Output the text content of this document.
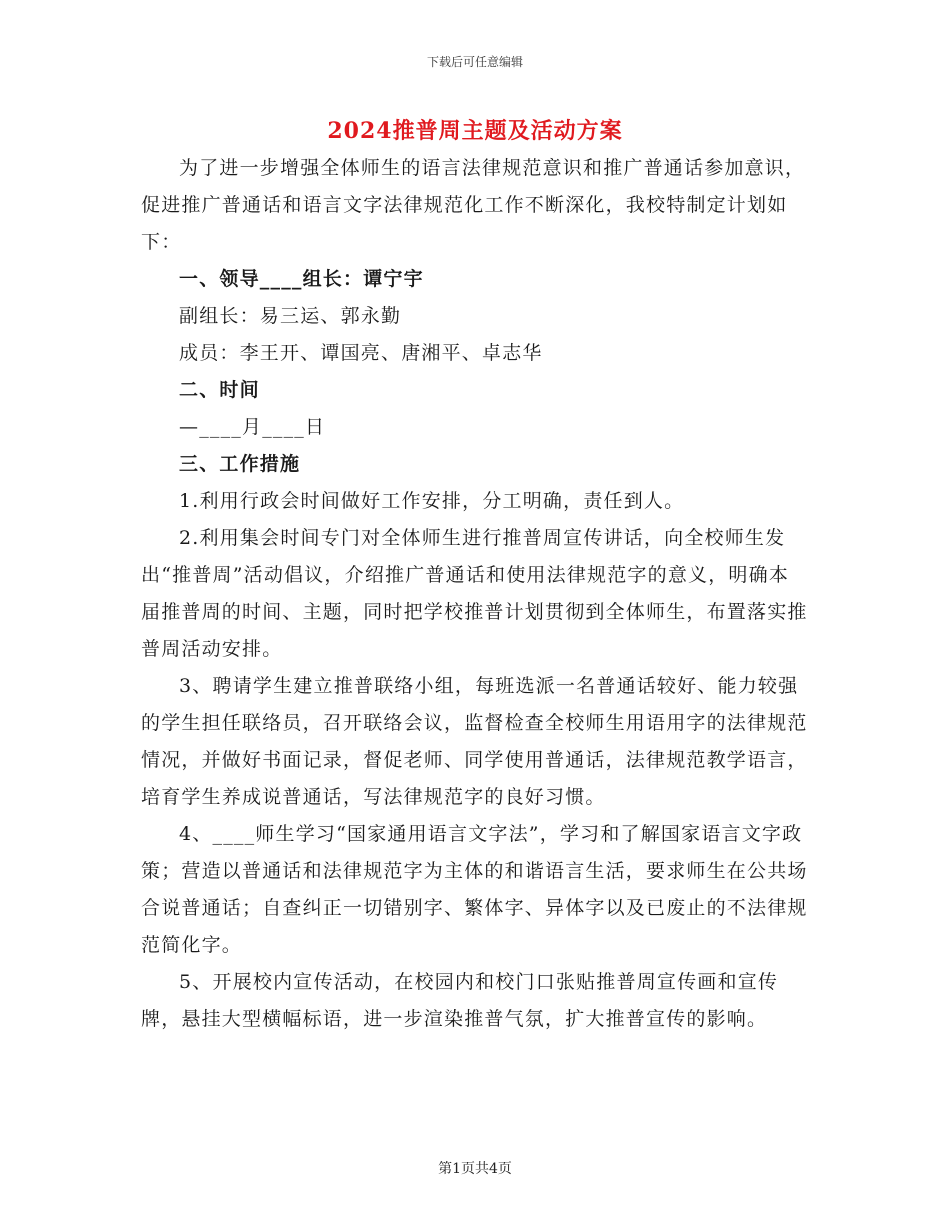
下载后可任意编辑
2024推普周主题及活动方案

为了进一步增强全体师生的语言法律规范意识和推广普通话参加意识，促进推广普通话和语言文字法律规范化工作不断深化，我校特制定计划如下：

一、领导____组长：谭宁宇

副组长：易三运、郭永勤

成员：李王开、谭国亮、唐湘平、卓志华

二、时间

—____月____日

三、工作措施

1.利用行政会时间做好工作安排，分工明确，责任到人。

2.利用集会时间专门对全体师生进行推普周宣传讲话，向全校师生发出“推普周”活动倡议，介绍推广普通话和使用法律规范字的意义，明确本届推普周的时间、主题，同时把学校推普计划贯彻到全体师生，布置落实推普周活动安排。

3、聘请学生建立推普联络小组，每班选派一名普通话较好、能力较强的学生担任联络员，召开联络会议，监督检查全校师生用语用字的法律规范情况，并做好书面记录，督促老师、同学使用普通话，法律规范教学语言，培育学生养成说普通话，写法律规范字的良好习惯。

4、____师生学习“国家通用语言文字法”，学习和了解国家语言文字政策；营造以普通话和法律规范字为主体的和谐语言生活，要求师生在公共场合说普通话；自查纠正一切错别字、繁体字、异体字以及已废止的不法律规范简化字。

5、开展校内宣传活动，在校园内和校门口张贴推普周宣传画和宣传牌，悬挂大型横幅标语，进一步渲染推普气氛，扩大推普宣传的影响。

第1页共4页
